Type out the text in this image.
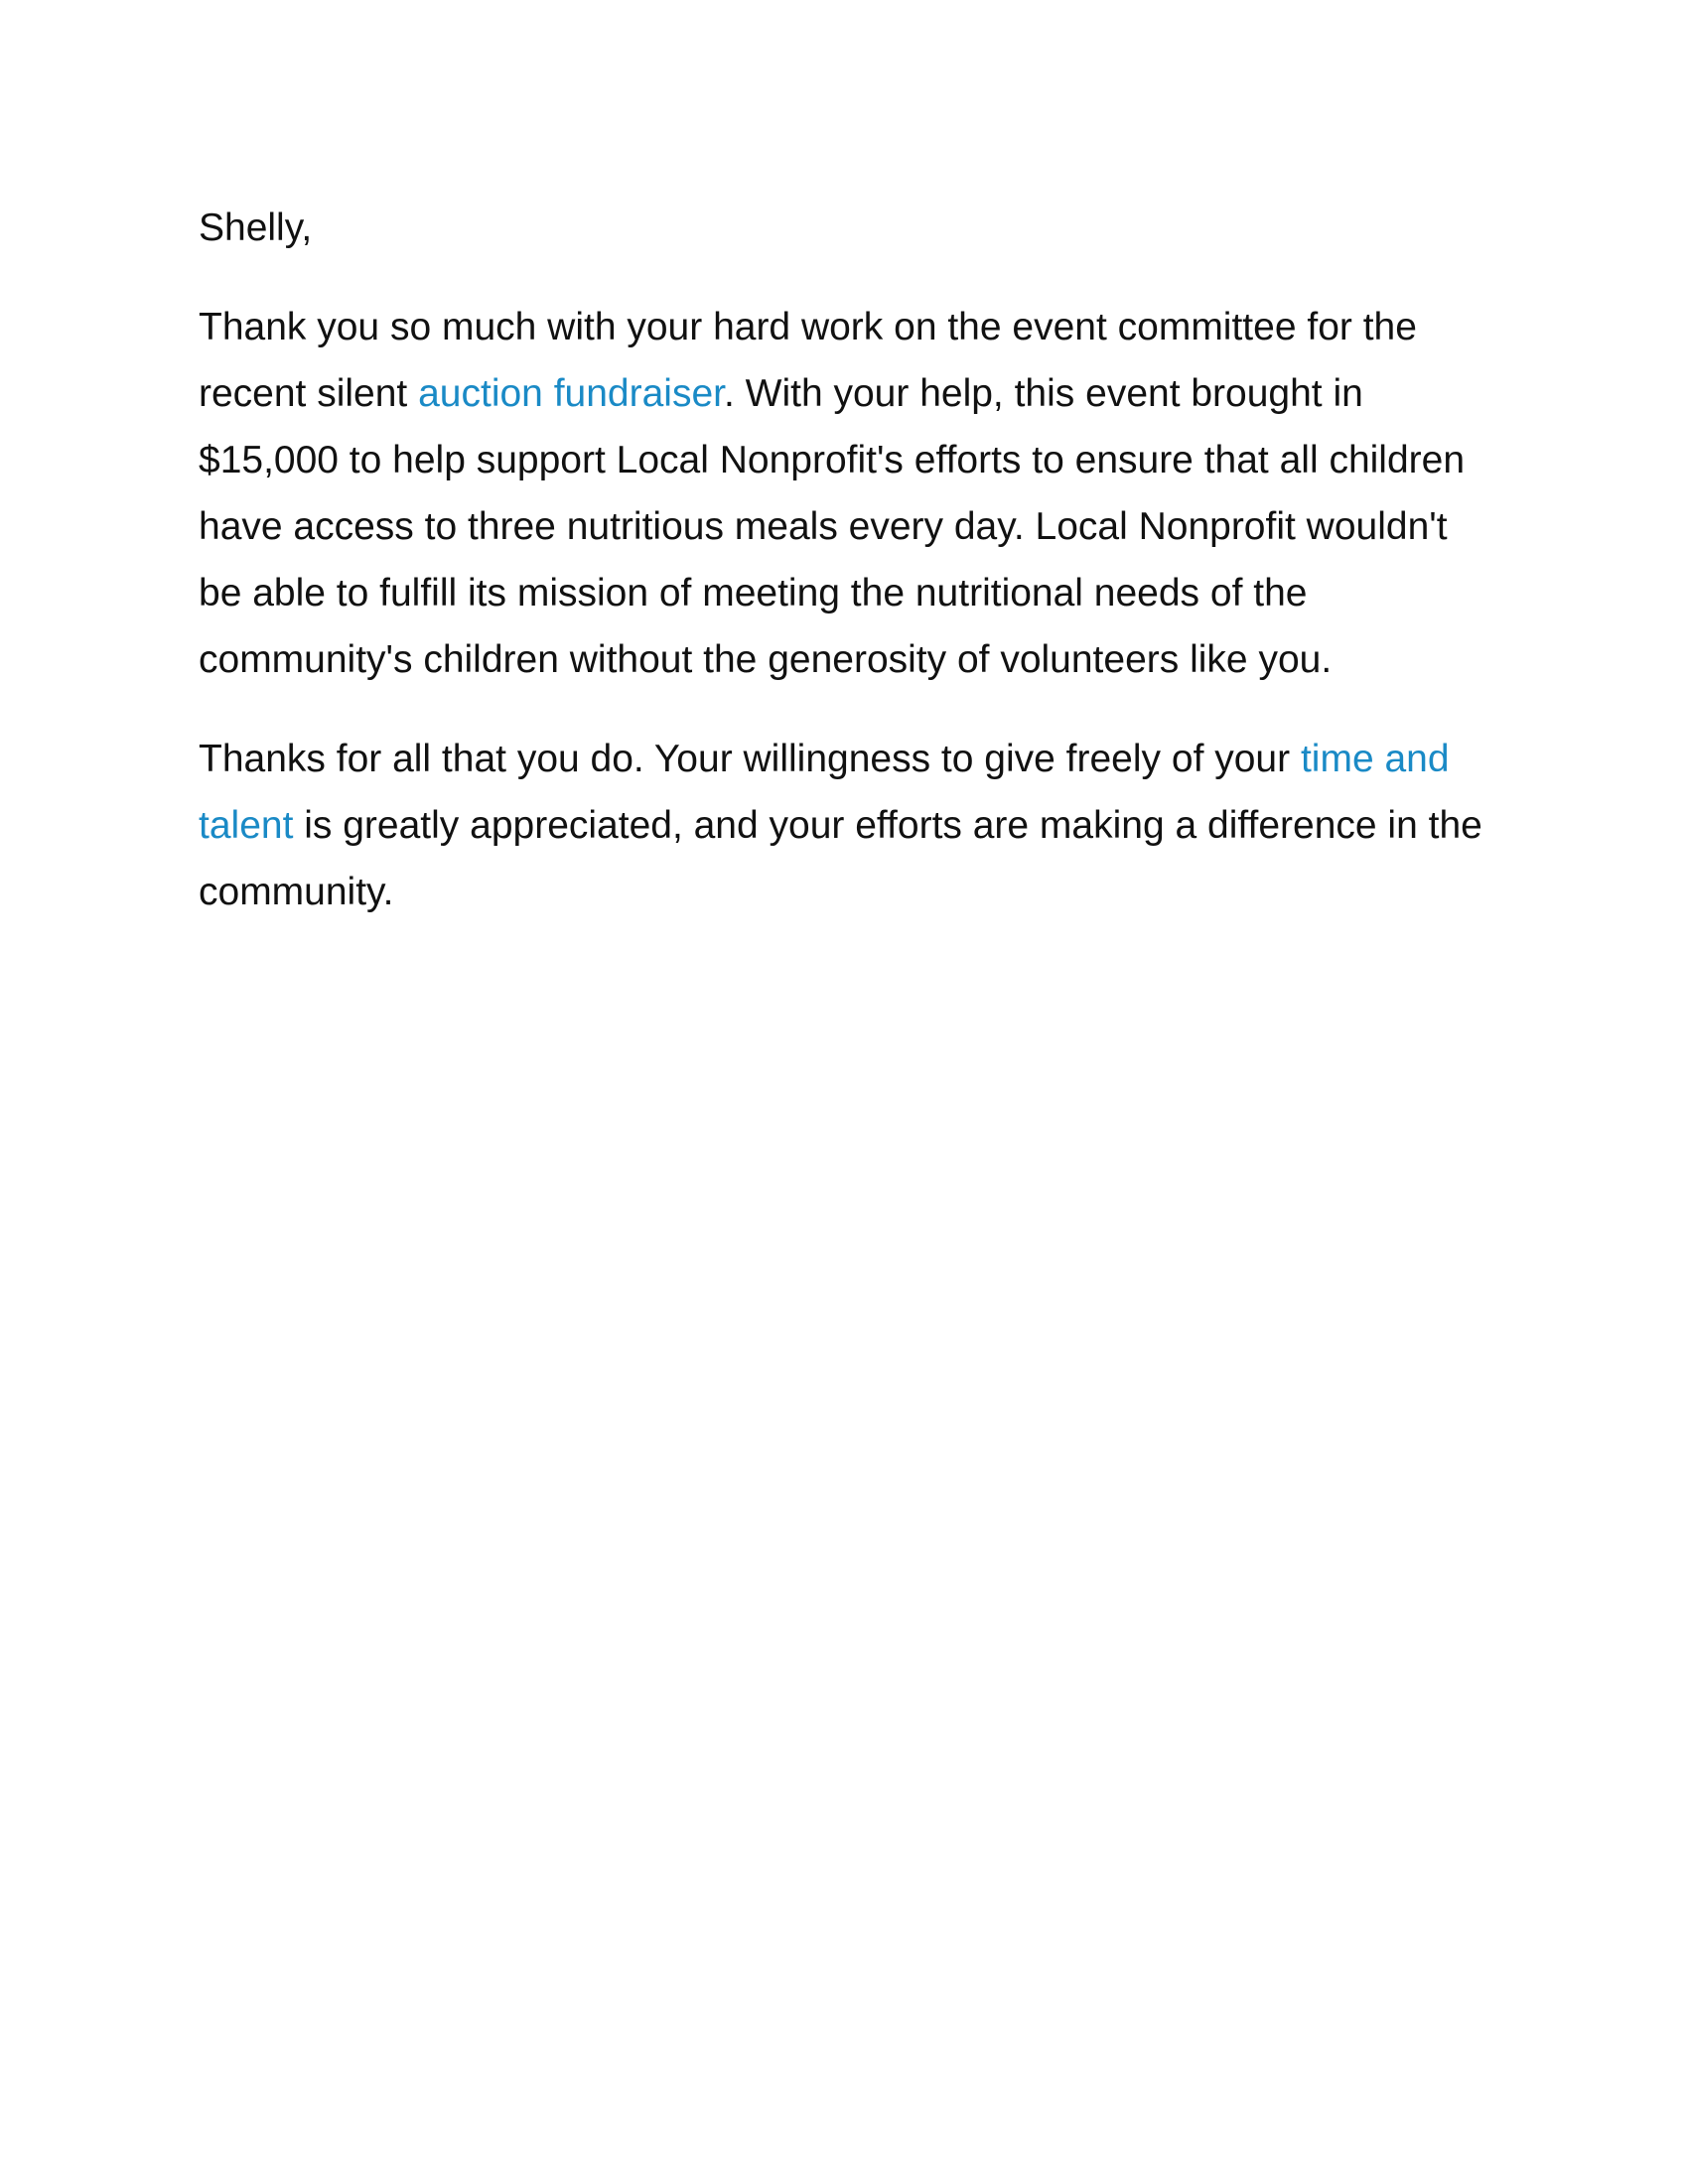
Shelly,

Thank you so much with your hard work on the event committee for the recent silent auction fundraiser. With your help, this event brought in $15,000 to help support Local Nonprofit's efforts to ensure that all children have access to three nutritious meals every day. Local Nonprofit wouldn't be able to fulfill its mission of meeting the nutritional needs of the community's children without the generosity of volunteers like you.

Thanks for all that you do. Your willingness to give freely of your time and talent is greatly appreciated, and your efforts are making a difference in the community.
